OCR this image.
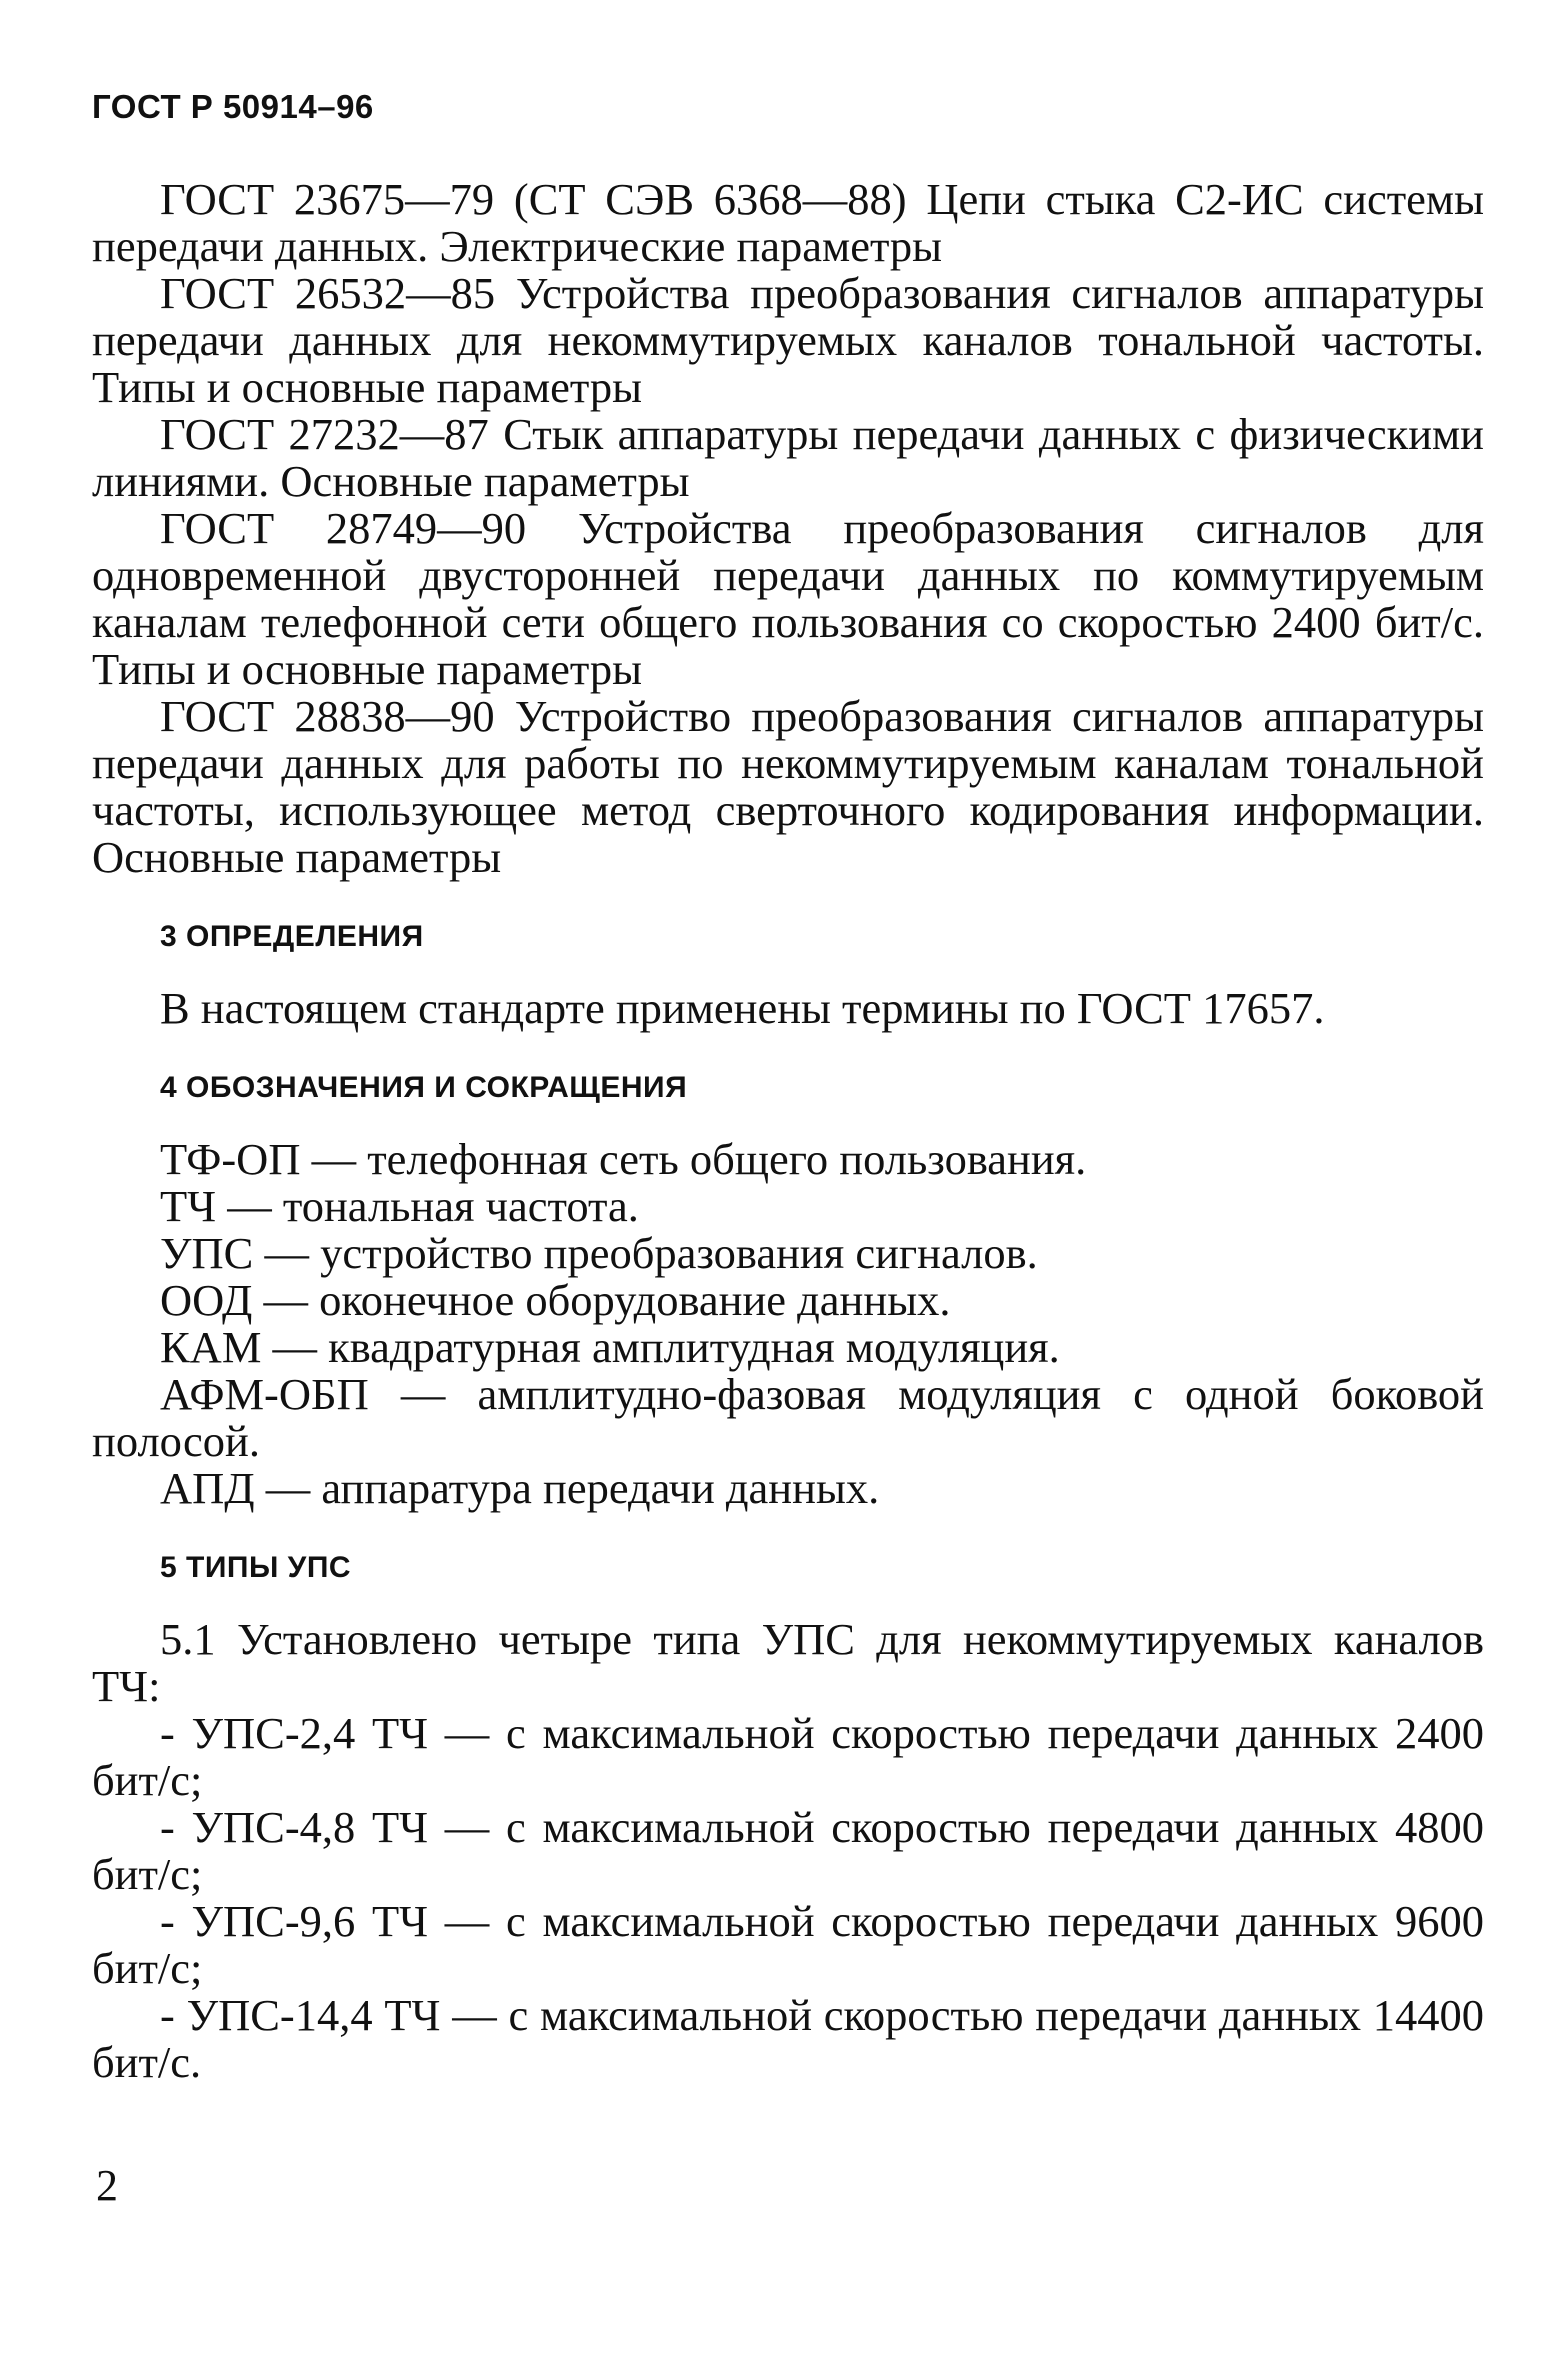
ГОСТ Р 50914–96

ГОСТ 23675—79 (СТ СЭВ 6368—88) Цепи стыка С2-ИС системы передачи данных. Электрические параметры

ГОСТ 26532—85 Устройства преобразования сигналов аппаратуры передачи данных для некоммутируемых каналов тональной частоты. Типы и основные параметры

ГОСТ 27232—87 Стык аппаратуры передачи данных с физическими линиями. Основные параметры

ГОСТ 28749—90 Устройства преобразования сигналов для одновременной двусторонней передачи данных по коммутируемым каналам телефонной сети общего пользования со скоростью 2400 бит/с. Типы и основные параметры

ГОСТ 28838—90 Устройство преобразования сигналов аппаратуры передачи данных для работы по некоммутируемым каналам тональной частоты, использующее метод сверточного кодирования информации. Основные параметры

3 ОПРЕДЕЛЕНИЯ

В настоящем стандарте применены термины по ГОСТ 17657.

4 ОБОЗНАЧЕНИЯ И СОКРАЩЕНИЯ

ТФ-ОП — телефонная сеть общего пользования.

ТЧ — тональная частота.

УПС — устройство преобразования сигналов.

ООД — оконечное оборудование данных.

КАМ — квадратурная амплитудная модуляция.

АФМ-ОБП — амплитудно-фазовая модуляция с одной боковой полосой.

АПД — аппаратура передачи данных.

5 ТИПЫ УПС

5.1 Установлено четыре типа УПС для некоммутируемых каналов ТЧ:

- УПС-2,4 ТЧ — с максимальной скоростью передачи данных 2400 бит/с;

- УПС-4,8 ТЧ — с максимальной скоростью передачи данных 4800 бит/с;

- УПС-9,6 ТЧ — с максимальной скоростью передачи данных 9600 бит/с;

- УПС-14,4 ТЧ — с максимальной скоростью передачи данных 14400 бит/с.

2
